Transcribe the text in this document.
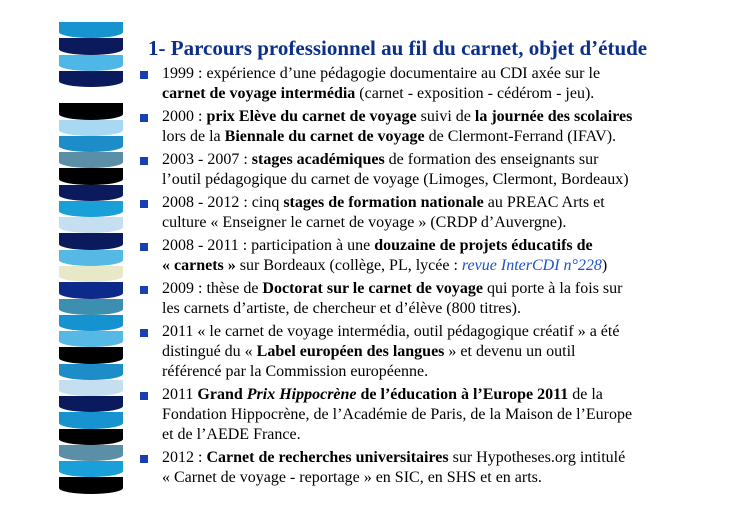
1- Parcours professionnel au fil du carnet, objet d’étude
1999 : expérience d’une pédagogie documentaire au CDI axée sur le
carnet de voyage intermédia (carnet - exposition - cédérom - jeu).
2000 : prix Elève du carnet de voyage suivi de la journée des scolaires
lors de la Biennale du carnet de voyage de Clermont-Ferrand (IFAV).
2003 - 2007 : stages académiques de formation des enseignants sur
l’outil pédagogique du carnet de voyage (Limoges, Clermont, Bordeaux)
2008 - 2012 : cinq stages de formation nationale au PREAC Arts et
culture « Enseigner le carnet de voyage » (CRDP d’Auvergne).
2008 - 2011 : participation à une douzaine de projets éducatifs de
« carnets » sur Bordeaux (collège, PL, lycée : revue InterCDI n°228)
2009 : thèse de Doctorat sur le carnet de voyage qui porte à la fois sur
les carnets d’artiste, de chercheur et d’élève (800 titres).
2011 « le carnet de voyage intermédia, outil pédagogique créatif » a été
distingué du « Label européen des langues » et devenu un outil
référencé par la Commission européenne.
2011 Grand Prix Hippocrène de l’éducation à l’Europe 2011 de la
Fondation Hippocrène, de l’Académie de Paris, de la Maison de l’Europe
et de l’AEDE France.
2012 : Carnet de recherches universitaires sur Hypotheses.org intitulé
« Carnet de voyage - reportage » en SIC, en SHS et en arts.
